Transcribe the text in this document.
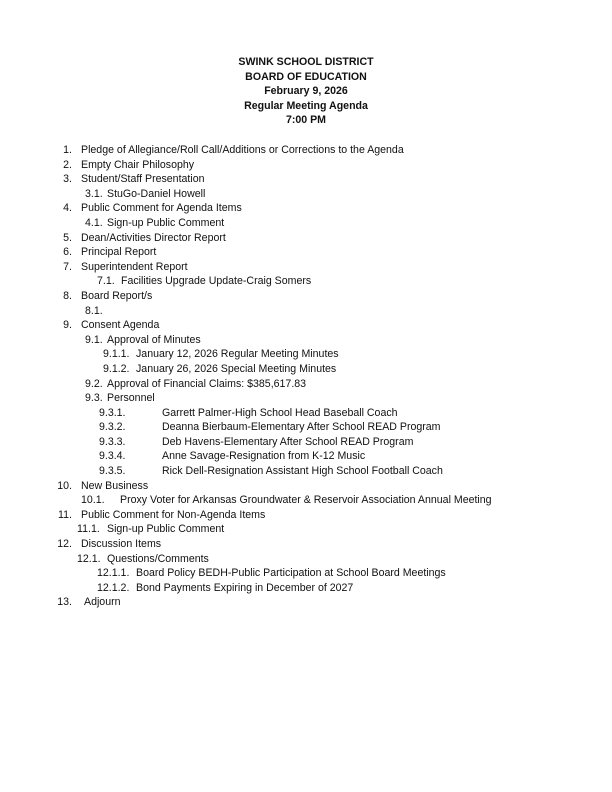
SWINK SCHOOL DISTRICT
BOARD OF EDUCATION
February 9, 2026
Regular Meeting Agenda
7:00 PM
1. Pledge of Allegiance/Roll Call/Additions or Corrections to the Agenda
2. Empty Chair Philosophy
3. Student/Staff Presentation
3.1. StuGo-Daniel Howell
4. Public Comment for Agenda Items
4.1. Sign-up Public Comment
5. Dean/Activities Director Report
6. Principal Report
7. Superintendent Report
7.1. Facilities Upgrade Update-Craig Somers
8. Board Report/s
8.1.
9. Consent Agenda
9.1. Approval of Minutes
9.1.1. January 12, 2026 Regular Meeting Minutes
9.1.2. January 26, 2026 Special Meeting Minutes
9.2. Approval of Financial Claims: $385,617.83
9.3. Personnel
9.3.1.	Garrett Palmer-High School Head Baseball Coach
9.3.2.	Deanna Bierbaum-Elementary After School READ Program
9.3.3.	Deb Havens-Elementary After School READ Program
9.3.4.	Anne Savage-Resignation from K-12 Music
9.3.5.	Rick Dell-Resignation Assistant High School Football Coach
10. New Business
10.1. Proxy Voter for Arkansas Groundwater & Reservoir Association Annual Meeting
11. Public Comment for Non-Agenda Items
11.1. Sign-up Public Comment
12. Discussion Items
12.1. Questions/Comments
12.1.1. Board Policy BEDH-Public Participation at School Board Meetings
12.1.2. Bond Payments Expiring in December of 2027
13. Adjourn
